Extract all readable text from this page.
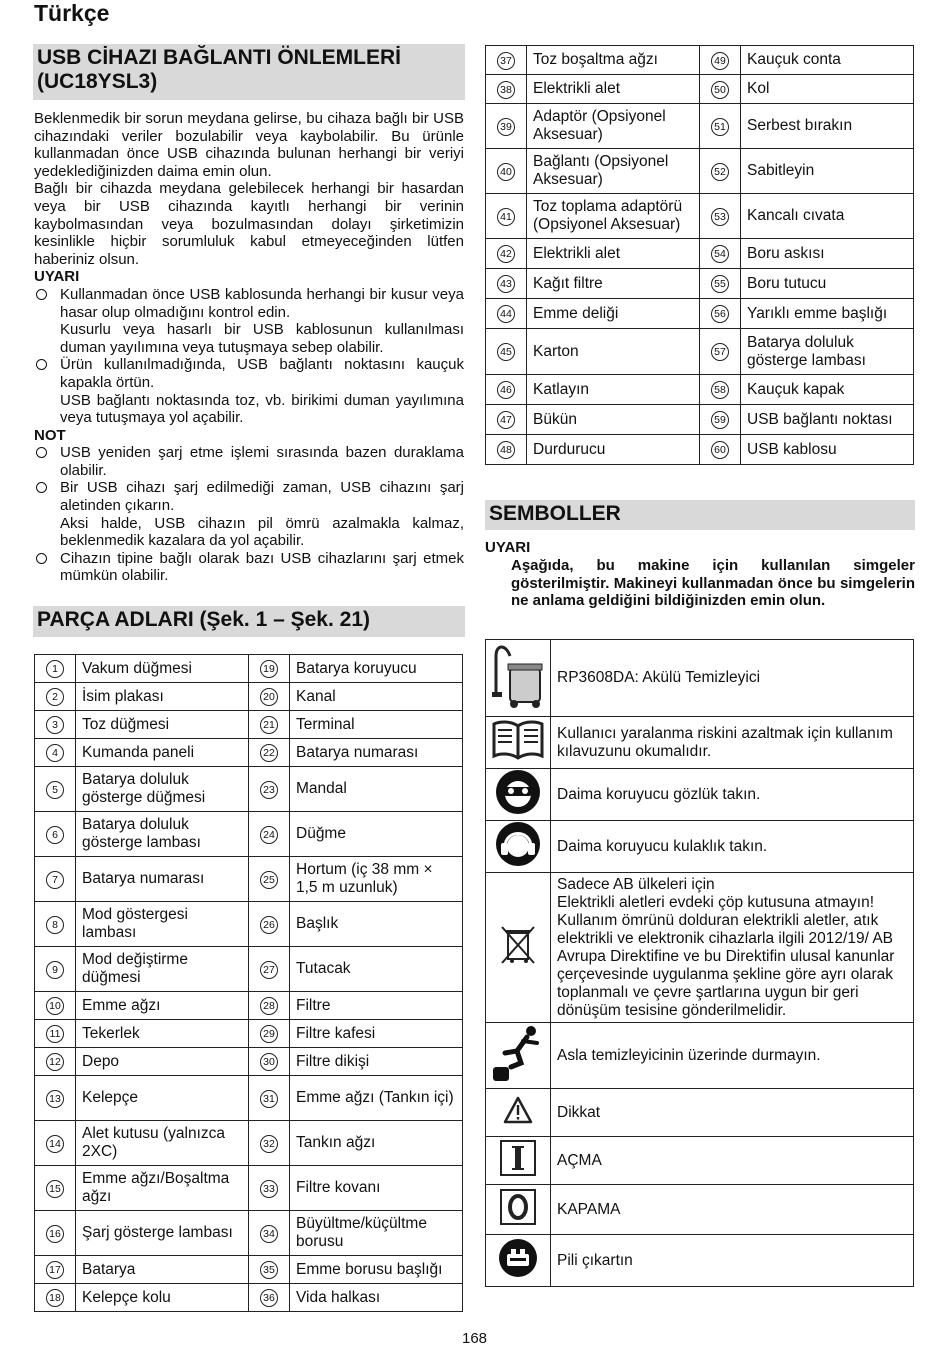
Türkçe
USB CİHAZI BAĞLANTI ÖNLEMLERİ
(UC18YSL3)

Beklenmedik bir sorun meydana gelirse, bu cihaza bağlı bir USB cihazındaki veriler bozulabilir veya kaybolabilir. Bu ürünle kullanmadan önce USB cihazında bulunan herhangi bir veriyi yedeklediğinizden daima emin olun.

Bağlı bir cihazda meydana gelebilecek herhangi bir hasardan veya bir USB cihazında kayıtlı herhangi bir verinin kaybolmasından veya bozulmasından dolayı şirketimizin kesinlikle hiçbir sorumluluk kabul etmeyeceğinden lütfen haberiniz olsun.

UYARI

Kullanmadan önce USB kablosunda herhangi bir kusur veya hasar olup olmadığını kontrol edin.
Kusurlu veya hasarlı bir USB kablosunun kullanılması duman yayılımına veya tutuşmaya sebep olabilir.
Ürün kullanılmadığında, USB bağlantı noktasını kauçuk kapakla örtün.
USB bağlantı noktasında toz, vb. birikimi duman yayılımına veya tutuşmaya yol açabilir.

NOT

USB yeniden şarj etme işlemi sırasında bazen duraklama olabilir.
Bir USB cihazı şarj edilmediği zaman, USB cihazını şarj aletinden çıkarın.
Aksi halde, USB cihazın pil ömrü azalmakla kalmaz, beklenmedik kazalara da yol açabilir.
Cihazın tipine bağlı olarak bazı USB cihazlarını şarj etmek mümkün olabilir.
PARÇA ADLARI (Şek. 1 – Şek. 21)
1	Vakum düğmesi	19	Batarya koruyucu
2	İsim plakası	20	Kanal
3	Toz düğmesi	21	Terminal
4	Kumanda paneli	22	Batarya numarası
5	Batarya doluluk gösterge düğmesi	23	Mandal
6	Batarya doluluk gösterge lambası	24	Düğme
7	Batarya numarası	25	Hortum (iç 38 mm × 1,5 m uzunluk)
8	Mod göstergesi lambası	26	Başlık
9	Mod değiştirme düğmesi	27	Tutacak
10	Emme ağzı	28	Filtre
11	Tekerlek	29	Filtre kafesi
12	Depo	30	Filtre dikişi
13	Kelepçe	31	Emme ağzı (Tankın içi)
14	Alet kutusu (yalnızca 2XC)	32	Tankın ağzı
15	Emme ağzı/Boşaltma ağzı	33	Filtre kovanı
16	Şarj gösterge lambası	34	Büyültme/küçültme borusu
17	Batarya	35	Emme borusu başlığı
18	Kelepçe kolu	36	Vida halkası
37	Toz boşaltma ağzı	49	Kauçuk conta
38	Elektrikli alet	50	Kol
39	Adaptör (Opsiyonel Aksesuar)	51	Serbest bırakın
40	Bağlantı (Opsiyonel Aksesuar)	52	Sabitleyin
41	Toz toplama adaptörü (Opsiyonel Aksesuar)	53	Kancalı cıvata
42	Elektrikli alet	54	Boru askısı
43	Kağıt filtre	55	Boru tutucu
44	Emme deliği	56	Yarıklı emme başlığı
45	Karton	57	Batarya doluluk gösterge lambası
46	Katlayın	58	Kauçuk kapak
47	Bükün	59	USB bağlantı noktası
48	Durdurucu	60	USB kablosu
SEMBOLLER
UYARI
Aşağıda, bu makine için kullanılan simgeler gösterilmiştir. Makineyi kullanmadan önce bu simgelerin ne anlama geldiğini bildiğinizden emin olun.
	RP3608DA: Akülü Temizleyici
	Kullanıcı yaralanma riskini azaltmak için kullanım kılavuzunu okumalıdır.
	Daima koruyucu gözlük takın.
	Daima koruyucu kulaklık takın.
	Sadece AB ülkeleri için
Elektrikli aletleri evdeki çöp kutusuna atmayın! Kullanım ömrünü dolduran elektrikli aletler, atık elektrikli ve elektronik cihazlarla ilgili 2012/19/ AB Avrupa Direktifine ve bu Direktifin ulusal kanunlar çerçevesinde uygulanma şekline göre ayrı olarak toplanmalı ve çevre şartlarına uygun bir geri dönüşüm tesisine gönderilmelidir.
	Asla temizleyicinin üzerinde durmayın.
	Dikkat
	AÇMA
	KAPAMA
	Pili çıkartın
168
